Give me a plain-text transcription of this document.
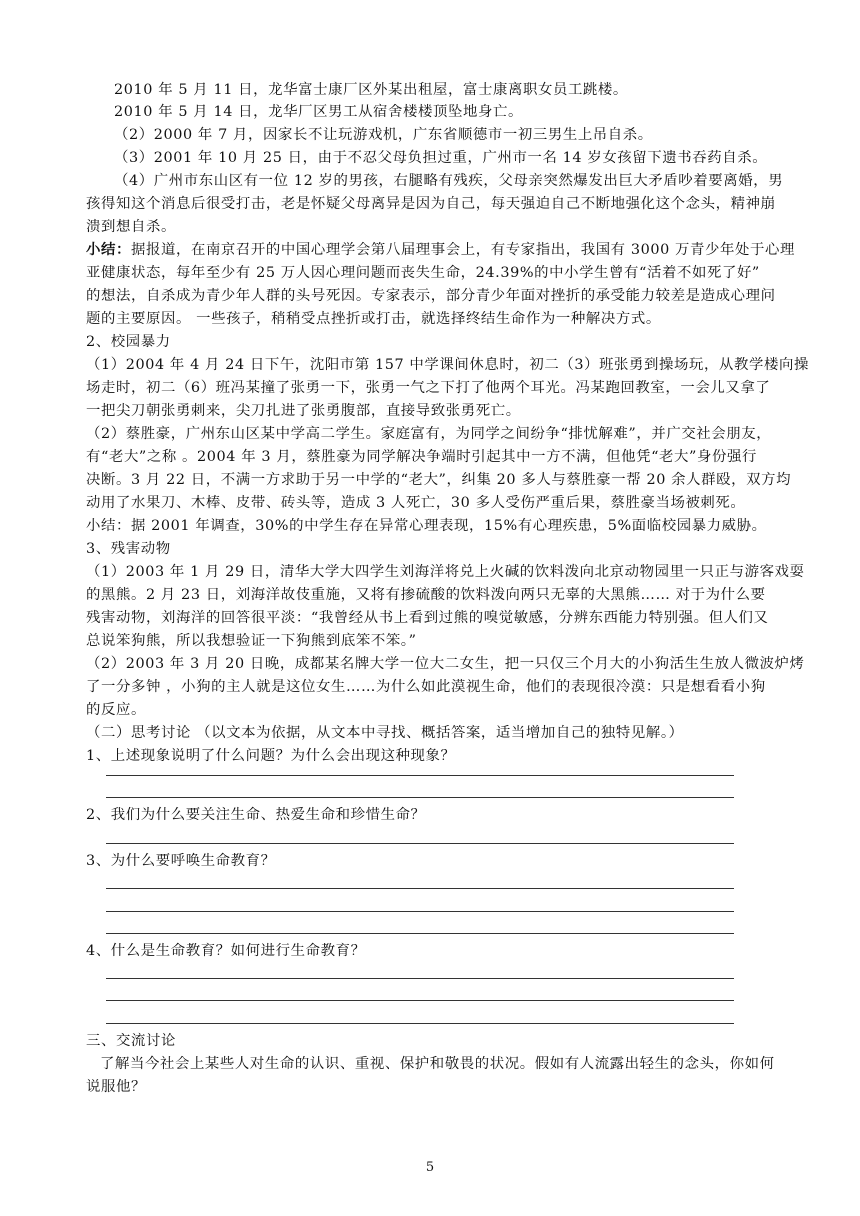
2010 年 5 月 11 日，龙华富士康厂区外某出租屋，富士康离职女员工跳楼。
2010 年 5 月 14 日，龙华厂区男工从宿舍楼楼顶坠地身亡。
（2）2000 年 7 月，因家长不让玩游戏机，广东省顺德市一初三男生上吊自杀。
（3）2001 年 10 月 25 日，由于不忍父母负担过重，广州市一名 14 岁女孩留下遗书吞药自杀。
（4）广州市东山区有一位 12 岁的男孩，右腿略有残疾，父母亲突然爆发出巨大矛盾吵着要离婚，男
孩得知这个消息后很受打击，老是怀疑父母离异是因为自己，每天强迫自己不断地强化这个念头，精神崩
溃到想自杀。
小结：据报道，在南京召开的中国心理学会第八届理事会上，有专家指出，我国有 3000 万青少年处于心理
亚健康状态，每年至少有 25 万人因心理问题而丧失生命，24.39%的中小学生曾有“活着不如死了好”
的想法，自杀成为青少年人群的头号死因。专家表示，部分青少年面对挫折的承受能力较差是造成心理问
题的主要原因。 一些孩子，稍稍受点挫折或打击，就选择终结生命作为一种解决方式。
2、校园暴力
（1）2004 年 4 月 24 日下午，沈阳市第 157 中学课间休息时，初二（3）班张勇到操场玩，从教学楼向操
场走时，初二（6）班冯某撞了张勇一下，张勇一气之下打了他两个耳光。冯某跑回教室，一会儿又拿了
一把尖刀朝张勇刺来，尖刀扎进了张勇腹部，直接导致张勇死亡。
（2）蔡胜豪，广州东山区某中学高二学生。家庭富有，为同学之间纷争“排忧解难”，并广交社会朋友，
有“老大”之称 。2004 年 3 月，蔡胜豪为同学解决争端时引起其中一方不满，但他凭“老大”身份强行
决断。3 月 22 日，不满一方求助于另一中学的“老大”，纠集 20 多人与蔡胜豪一帮 20 余人群殴，双方均
动用了水果刀、木棒、皮带、砖头等，造成 3 人死亡，30 多人受伤严重后果，蔡胜豪当场被刺死。
小结：据 2001 年调查，30%的中学生存在异常心理表现，15%有心理疾患，5%面临校园暴力威胁。
3、残害动物
（1）2003 年 1 月 29 日，清华大学大四学生刘海洋将兑上火碱的饮料泼向北京动物园里一只正与游客戏耍
的黑熊。2 月 23 日，刘海洋故伎重施，又将有掺硫酸的饮料泼向两只无辜的大黑熊…… 对于为什么要
残害动物，刘海洋的回答很平淡：“我曾经从书上看到过熊的嗅觉敏感，分辨东西能力特别强。但人们又
总说笨狗熊，所以我想验证一下狗熊到底笨不笨。”
（2）2003 年 3 月 20 日晚，成都某名牌大学一位大二女生，把一只仅三个月大的小狗活生生放人微波炉烤
了一分多钟 ，小狗的主人就是这位女生……为什么如此漠视生命，他们的表现很冷漠：只是想看看小狗
的反应。
（二）思考讨论 （以文本为依据，从文本中寻找、概括答案，适当增加自己的独特见解。）
1、上述现象说明了什么问题？为什么会出现这种现象？
2、我们为什么要关注生命、热爱生命和珍惜生命？
3、为什么要呼唤生命教育？
4、什么是生命教育？如何进行生命教育？
三、交流讨论
了解当今社会上某些人对生命的认识、重视、保护和敬畏的状况。假如有人流露出轻生的念头，你如何
说服他？
5
